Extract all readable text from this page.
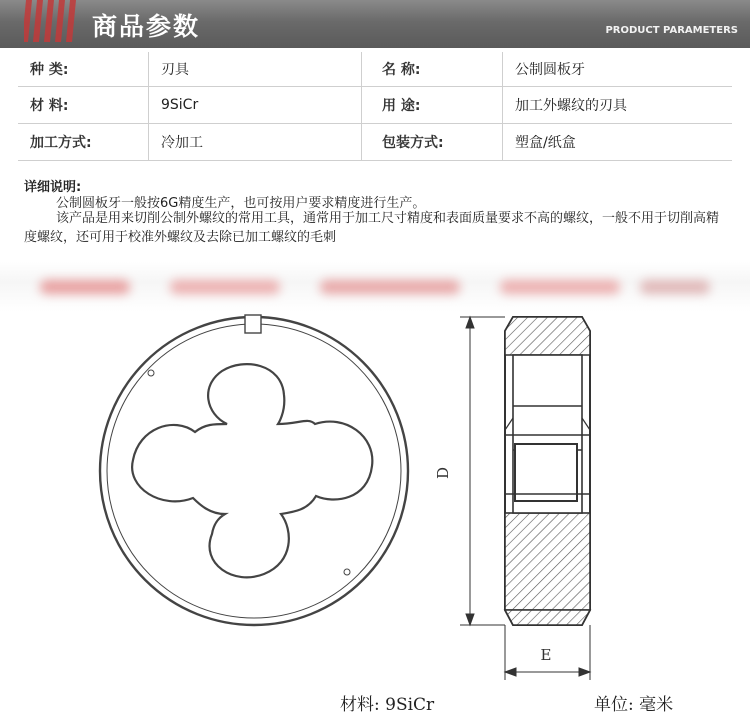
商品参数	PRODUCT PARAMETERS
种 类:	刃具	名 称:	公制圆板牙
材 料:	9SiCr	用 途:	加工外螺纹的刃具
加工方式:	冷加工	包装方式:	塑盒/纸盒
详细说明:
公制圆板牙一般按6G精度生产，也可按用户要求精度进行生产。
该产品是用来切削公制外螺纹的常用工具，通常用于加工尺寸精度和表面质量要求不高的螺纹，一般不用于切削高精度螺纹，还可用于校准外螺纹及去除已加工螺纹的毛刺
D
E
材料: 9SiCr	单位: 毫米
